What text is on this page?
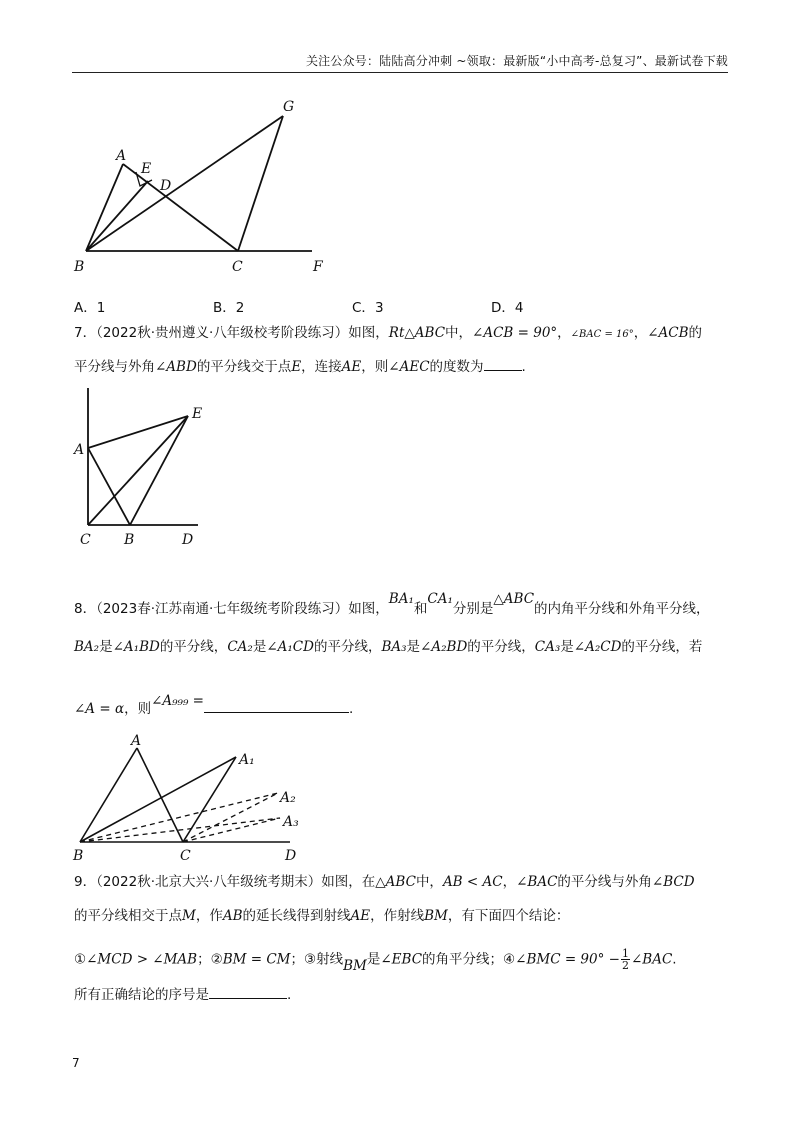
关注公众号：陆陆高分冲刺 ~领取：最新版“小中高考-总复习”、最新试卷下载
A
E
D
G
B	C	F
A．1	B．2	C．3	D．4
7．（2022秋·贵州遵义·八年级校考阶段练习）如图，Rt△ABC中，∠ACB = 90°，∠BAC = 16°，∠ACB的
平分线与外角∠ABD的平分线交于点E，连接AE，则∠AEC的度数为	.
E
A
C B	D
8．（2023春·江苏南通·七年级统考阶段练习）如图，BA₁和CA₁分别是△ABC的内角平分线和外角平分线，
BA₂是∠A₁BD的平分线，CA₂是∠A₁CD的平分线，BA₃是∠A₂BD的平分线，CA₃是∠A₂CD的平分线，若
∠A = α，则∠A₉₉₉ =	.
A
A₁
A₂
A₃
B	C	D
9．（2022秋·北京大兴·八年级统考期末）如图，在△ABC中，AB < AC，∠BAC的平分线与外角∠BCD
的平分线相交于点M，作AB的延长线得到射线AE，作射线BM，有下面四个结论：
①∠MCD > ∠MAB；②BM = CM；③射线BM是∠EBC的角平分线；④∠BMC = $90^\circ - \frac{1}{2}$ ∠BAC.
所有正确结论的序号是	.
7
